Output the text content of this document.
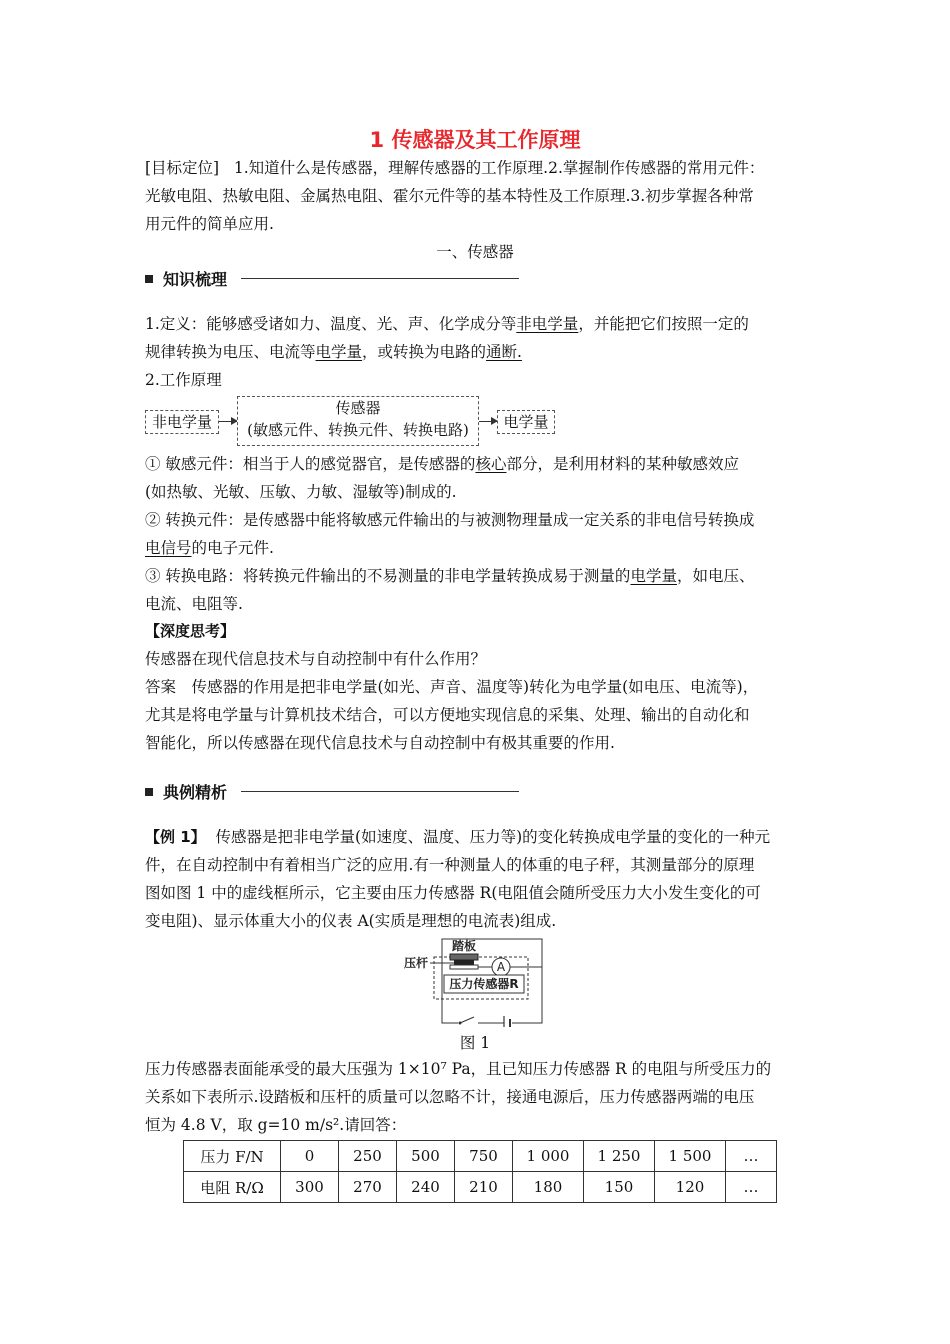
1 传感器及其工作原理
[目标定位] 1.知道什么是传感器，理解传感器的工作原理.2.掌握制作传感器的常用元件：
光敏电阻、热敏电阻、金属热电阻、霍尔元件等的基本特性及工作原理.3.初步掌握各种常
用元件的简单应用.
一、传感器
知识梳理
1.定义：能够感受诸如力、温度、光、声、化学成分等非电学量，并能把它们按照一定的
规律转换为电压、电流等电学量，或转换为电路的通断.
2.工作原理
非电学量
传感器
(敏感元件、转换元件、转换电路)	电学量
① 敏感元件：相当于人的感觉器官，是传感器的核心部分，是利用材料的某种敏感效应
(如热敏、光敏、压敏、力敏、湿敏等)制成的.
② 转换元件：是传感器中能将敏感元件输出的与被测物理量成一定关系的非电信号转换成
电信号的电子元件.
③ 转换电路：将转换元件输出的不易测量的非电学量转换成易于测量的电学量，如电压、
电流、电阻等.
【深度思考】
传感器在现代信息技术与自动控制中有什么作用？
答案　传感器的作用是把非电学量(如光、声音、温度等)转化为电学量(如电压、电流等)，
尤其是将电学量与计算机技术结合，可以方便地实现信息的采集、处理、输出的自动化和
智能化，所以传感器在现代信息技术与自动控制中有极其重要的作用.
典例精析
【例 1】 传感器是把非电学量(如速度、温度、压力等)的变化转换成电学量的变化的一种元
件，在自动控制中有着相当广泛的应用.有一种测量人的体重的电子秤，其测量部分的原理
图如图 1 中的虚线框所示，它主要由压力传感器 R(电阻值会随所受压力大小发生变化的可
变电阻)、显示体重大小的仪表 A(实质是理想的电流表)组成.
A
压力传感器R
踏板
压杆
图 1
压力传感器表面能承受的最大压强为 1×10⁷ Pa，且已知压力传感器 R 的电阻与所受压力的
关系如下表所示.设踏板和压杆的质量可以忽略不计，接通电源后，压力传感器两端的电压
恒为 4.8 V，取 g=10 m/s².请回答：
压力 F/N	0	250	500	750	1 000	1 250	1 500	…
电阻 R/Ω	300	270	240	210	180	150	120	…
